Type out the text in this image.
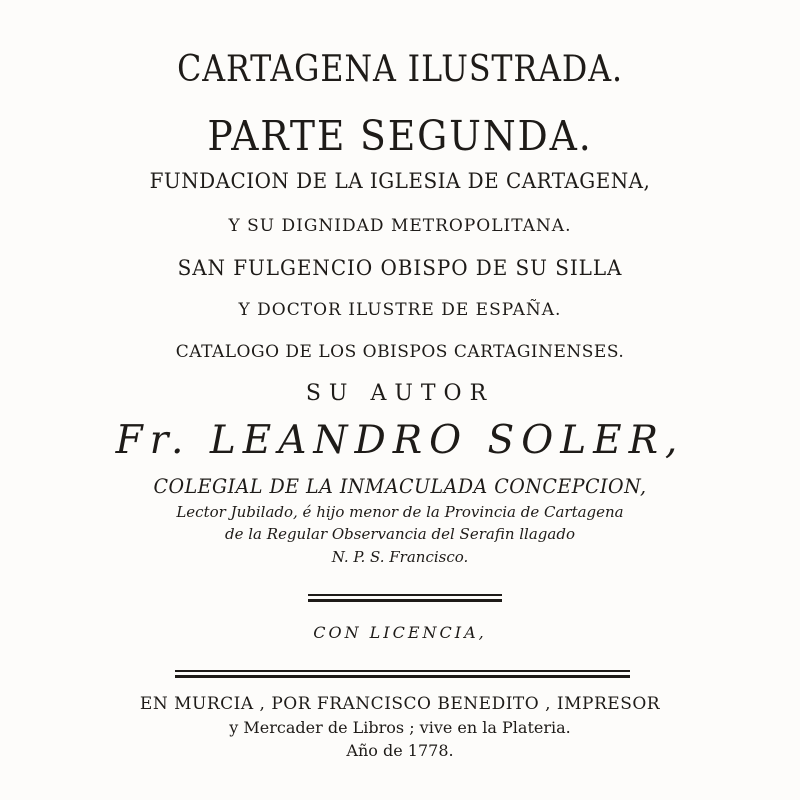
CARTAGENA ILUSTRADA.
PARTE SEGUNDA.
FUNDACION DE LA IGLESIA DE CARTAGENA,
Y SU DIGNIDAD METROPOLITANA.
SAN FULGENCIO OBISPO DE SU SILLA
Y DOCTOR ILUSTRE DE ESPAÑA.
CATALOGO DE LOS OBISPOS CARTAGINENSES.
SU AUTOR
Fr. LEANDRO SOLER,
COLEGIAL DE LA INMACULADA CONCEPCION,
Lector Jubilado, é hijo menor de la Provincia de Cartagena
de la Regular Observancia del Serafin llagado
N. P. S. Francisco.
CON LICENCIA,
EN MURCIA , POR FRANCISCO BENEDITO , IMPRESOR
y Mercader de Libros ; vive en la Plateria.
Año de 1778.
